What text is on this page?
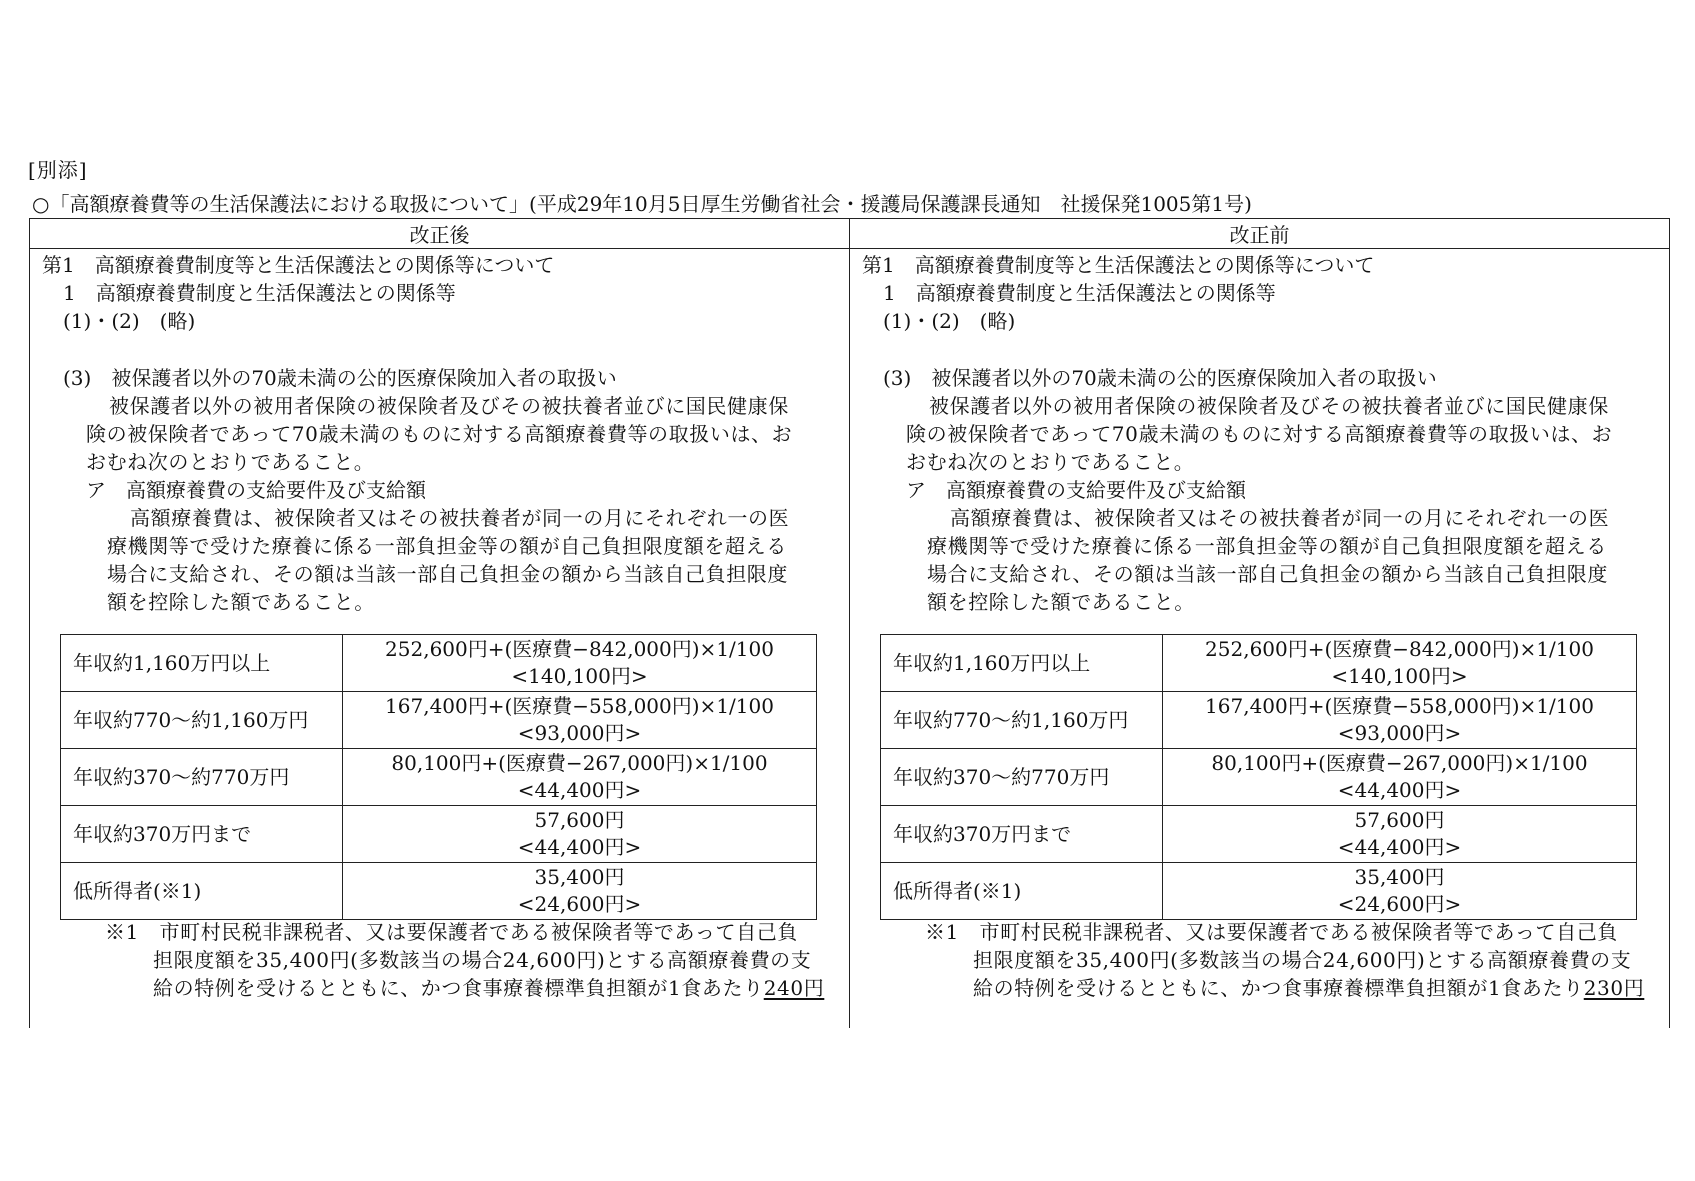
[別添]
○「高額療養費等の生活保護法における取扱について」(平成29年10月5日厚生労働省社会・援護局保護課長通知　社援保発1005第1号)
改正後	改正前

第1　高額療養費制度等と生活保護法との関係等について
1　高額療養費制度と生活保護法との関係等
(1)・(2)　(略)
(3)　被保護者以外の70歳未満の公的医療保険加入者の取扱い
被保護者以外の被用者保険の被保険者及びその被扶養者並びに国民健康保
険の被保険者であって70歳未満のものに対する高額療養費等の取扱いは、お
おむね次のとおりであること。
ア　高額療養費の支給要件及び支給額
高額療養費は、被保険者又はその被扶養者が同一の月にそれぞれ一の医
療機関等で受けた療養に係る一部負担金等の額が自己負担限度額を超える
場合に支給され、その額は当該一部自己負担金の額から当該自己負担限度
額を控除した額であること。
年収約1,160万円以上	252,600円+(医療費−842,000円)×1/100
<140,100円>
年収約770～約1,160万円	167,400円+(医療費−558,000円)×1/100
<93,000円>
年収約370～約770万円	80,100円+(医療費−267,000円)×1/100
<44,400円>
年収約370万円まで	57,600円
<44,400円>
低所得者(※1)	35,400円
<24,600円>
※1　市町村民税非課税者、又は要保護者である被保険者等であって自己負
担限度額を35,400円(多数該当の場合24,600円)とする高額療養費の支
給の特例を受けるとともに、かつ食事療養標準負担額が1食あたり240円

第1　高額療養費制度等と生活保護法との関係等について
1　高額療養費制度と生活保護法との関係等
(1)・(2)　(略)
(3)　被保護者以外の70歳未満の公的医療保険加入者の取扱い
被保護者以外の被用者保険の被保険者及びその被扶養者並びに国民健康保
険の被保険者であって70歳未満のものに対する高額療養費等の取扱いは、お
おむね次のとおりであること。
ア　高額療養費の支給要件及び支給額
高額療養費は、被保険者又はその被扶養者が同一の月にそれぞれ一の医
療機関等で受けた療養に係る一部負担金等の額が自己負担限度額を超える
場合に支給され、その額は当該一部自己負担金の額から当該自己負担限度
額を控除した額であること。
年収約1,160万円以上	252,600円+(医療費−842,000円)×1/100
<140,100円>
年収約770～約1,160万円	167,400円+(医療費−558,000円)×1/100
<93,000円>
年収約370～約770万円	80,100円+(医療費−267,000円)×1/100
<44,400円>
年収約370万円まで	57,600円
<44,400円>
低所得者(※1)	35,400円
<24,600円>
※1　市町村民税非課税者、又は要保護者である被保険者等であって自己負
担限度額を35,400円(多数該当の場合24,600円)とする高額療養費の支
給の特例を受けるとともに、かつ食事療養標準負担額が1食あたり230円
